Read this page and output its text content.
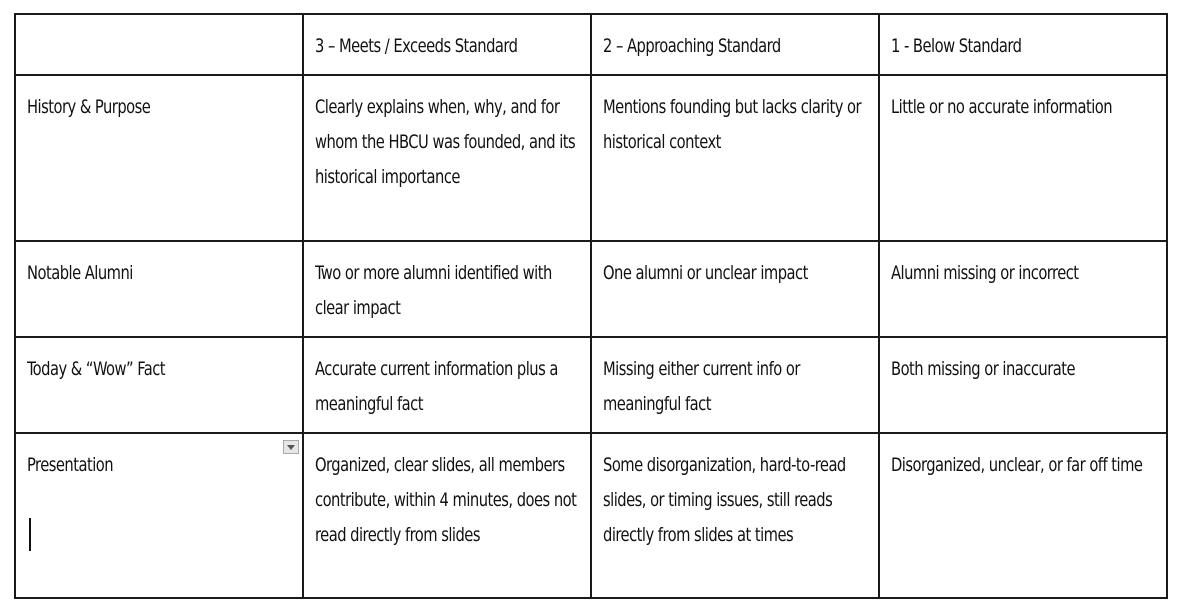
	3 – Meets / Exceeds Standard	2 – Approaching Standard	1 - Below Standard

History & Purpose	Clearly explains when, why, and for whom the HBCU was founded, and its historical importance	Mentions founding but lacks clarity or historical context	Little or no accurate information

Notable Alumni	Two or more alumni identified with clear impact	One alumni or unclear impact	Alumni missing or incorrect

Today & “Wow” Fact	Accurate current information plus a meaningful fact	Missing either current info or meaningful fact	Both missing or inaccurate

Presentation	Organized, clear slides, all members contribute, within 4 minutes, does not read directly from slides	Some disorganization, hard-to-read slides, or timing issues, still reads directly from slides at times	Disorganized, unclear, or far off time
